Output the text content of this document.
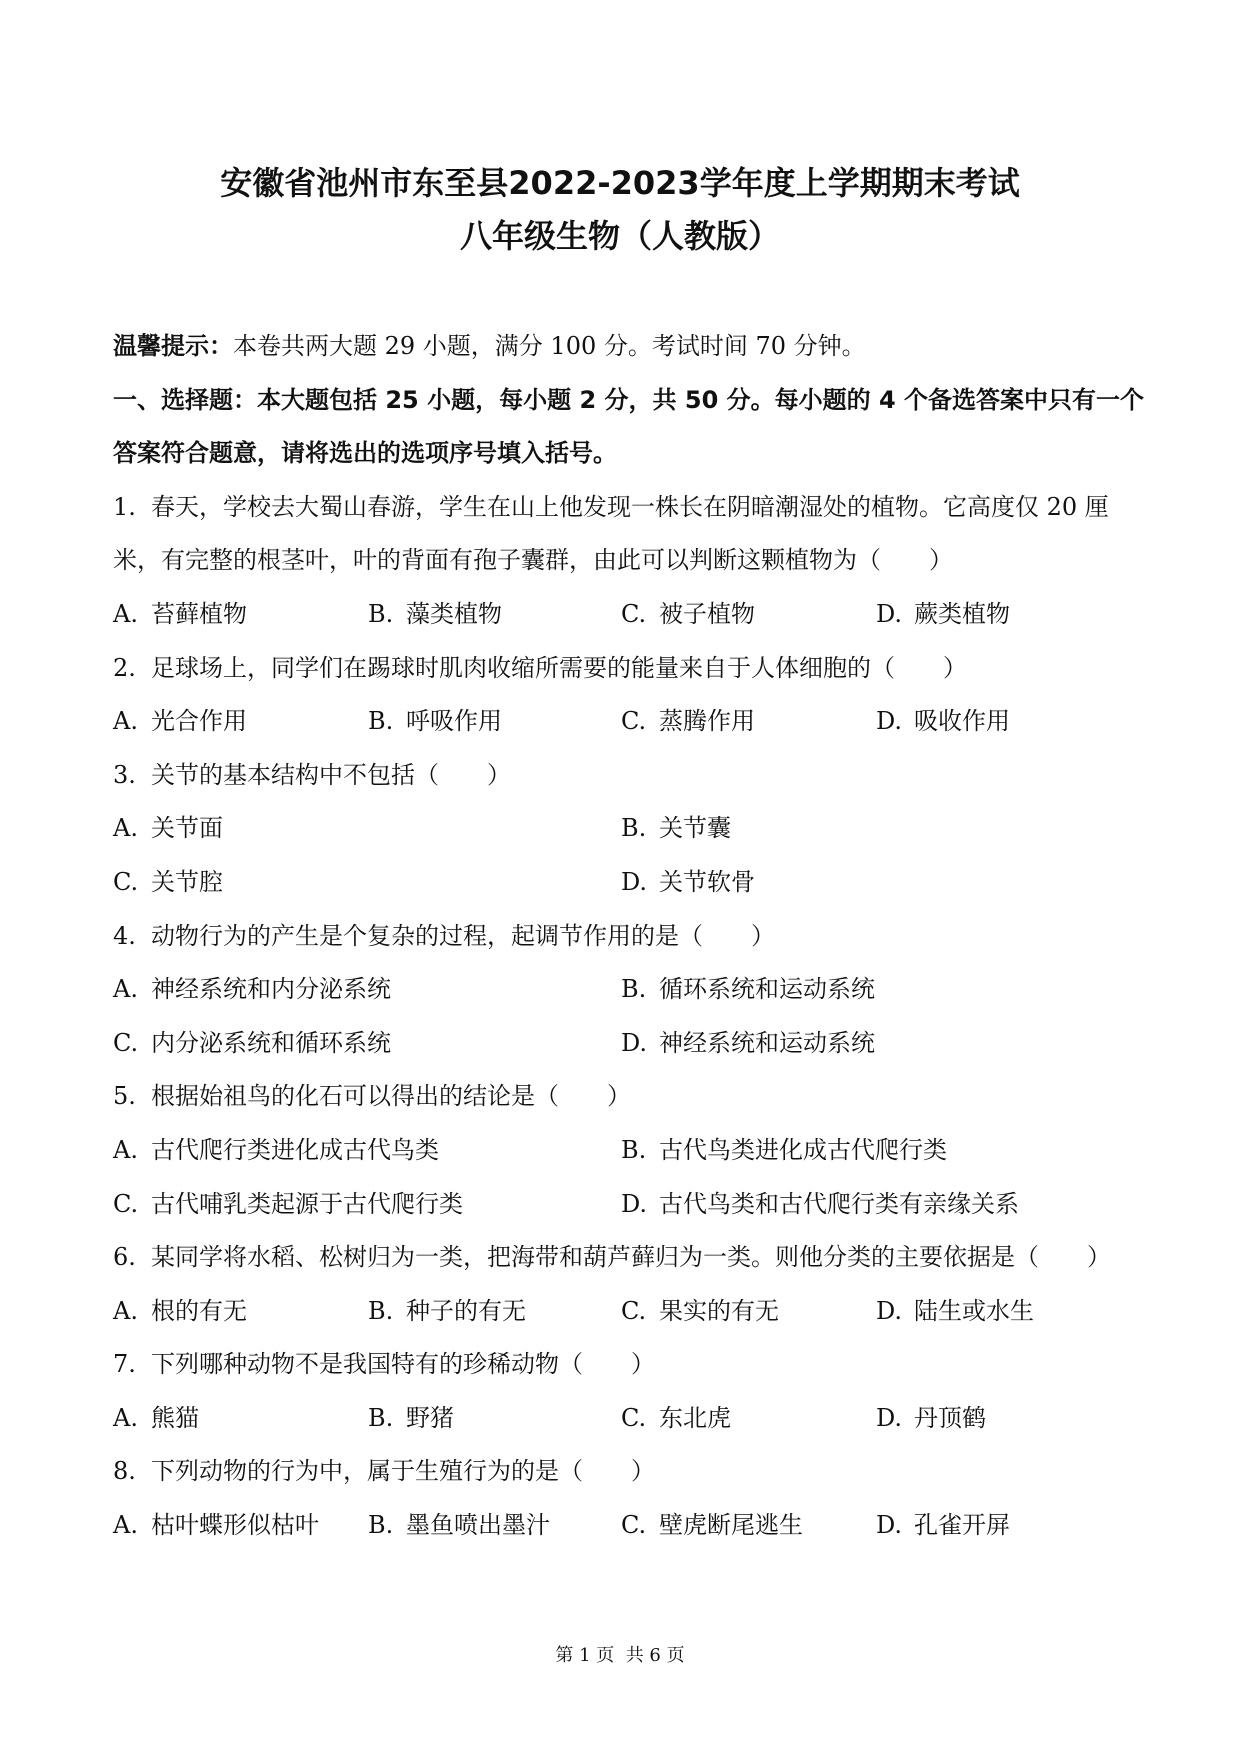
安徽省池州市东至县2022-2023学年度上学期期末考试
八年级生物（人教版）
温馨提示：本卷共两大题 29 小题，满分 100 分。考试时间 70 分钟。
一、选择题：本大题包括 25 小题，每小题 2 分，共 50 分。每小题的 4 个备选答案中只有一个
答案符合题意，请将选出的选项序号填入括号。
1. 春天，学校去大蜀山春游，学生在山上他发现一株长在阴暗潮湿处的植物。它高度仅 20 厘
米，有完整的根茎叶，叶的背面有孢子囊群，由此可以判断这颗植物为（　　）
A. 苔藓植物	B. 藻类植物	C. 被子植物	D. 蕨类植物
2. 足球场上，同学们在踢球时肌肉收缩所需要的能量来自于人体细胞的（　　）
A. 光合作用	B. 呼吸作用	C. 蒸腾作用	D. 吸收作用
3. 关节的基本结构中不包括（　　）
A. 关节面	B. 关节囊
C. 关节腔	D. 关节软骨
4. 动物行为的产生是个复杂的过程，起调节作用的是（　　）
A. 神经系统和内分泌系统	B. 循环系统和运动系统
C. 内分泌系统和循环系统	D. 神经系统和运动系统
5. 根据始祖鸟的化石可以得出的结论是（　　）
A. 古代爬行类进化成古代鸟类	B. 古代鸟类进化成古代爬行类
C. 古代哺乳类起源于古代爬行类	D. 古代鸟类和古代爬行类有亲缘关系
6. 某同学将水稻、松树归为一类，把海带和葫芦藓归为一类。则他分类的主要依据是（　　）
A. 根的有无	B. 种子的有无	C. 果实的有无	D. 陆生或水生
7. 下列哪种动物不是我国特有的珍稀动物（　　）
A. 熊猫	B. 野猪	C. 东北虎	D. 丹顶鹤
8. 下列动物的行为中，属于生殖行为的是（　　）
A. 枯叶蝶形似枯叶	B. 墨鱼喷出墨汁	C. 壁虎断尾逃生	D. 孔雀开屏
第 1 页  共 6 页
